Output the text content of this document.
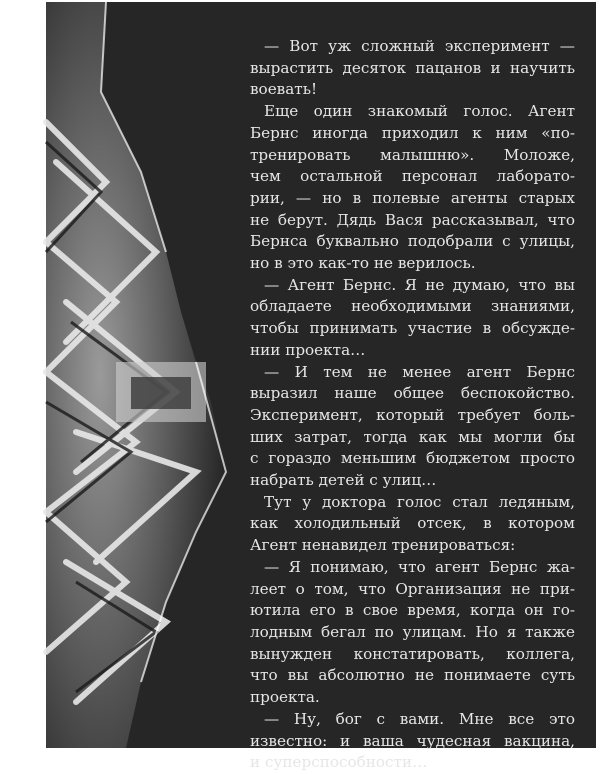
— Вот уж сложный эксперимент —
вырастить десяток пацанов и научить
воевать!

Еще один знакомый голос. Агент
Бернс иногда приходил к ним «по-
тренировать малышню». Моложе,
чем остальной персонал лаборато-
рии, — но в полевые агенты старых
не берут. Дядь Вася рассказывал, что
Бернса буквально подобрали с улицы,
но в это как-то не верилось.

— Агент Бернс. Я не думаю, что вы
обладаете необходимыми знаниями,
чтобы принимать участие в обсужде-
нии проекта…

— И тем не менее агент Бернс
выразил наше общее беспокойство.
Эксперимент, который требует боль-
ших затрат, тогда как мы могли бы
с гораздо меньшим бюджетом просто
набрать детей с улиц…

Тут у доктора голос стал ледяным,
как холодильный отсек, в котором
Агент ненавидел тренироваться:

— Я понимаю, что агент Бернс жа-
леет о том, что Организация не при-
ютила его в свое время, когда он го-
лодным бегал по улицам. Но я также
вынужден констатировать, коллега,
что вы абсолютно не понимаете суть
проекта.

— Ну, бог с вами. Мне все это
известно: и ваша чудесная вакцина,
и суперспособности…
